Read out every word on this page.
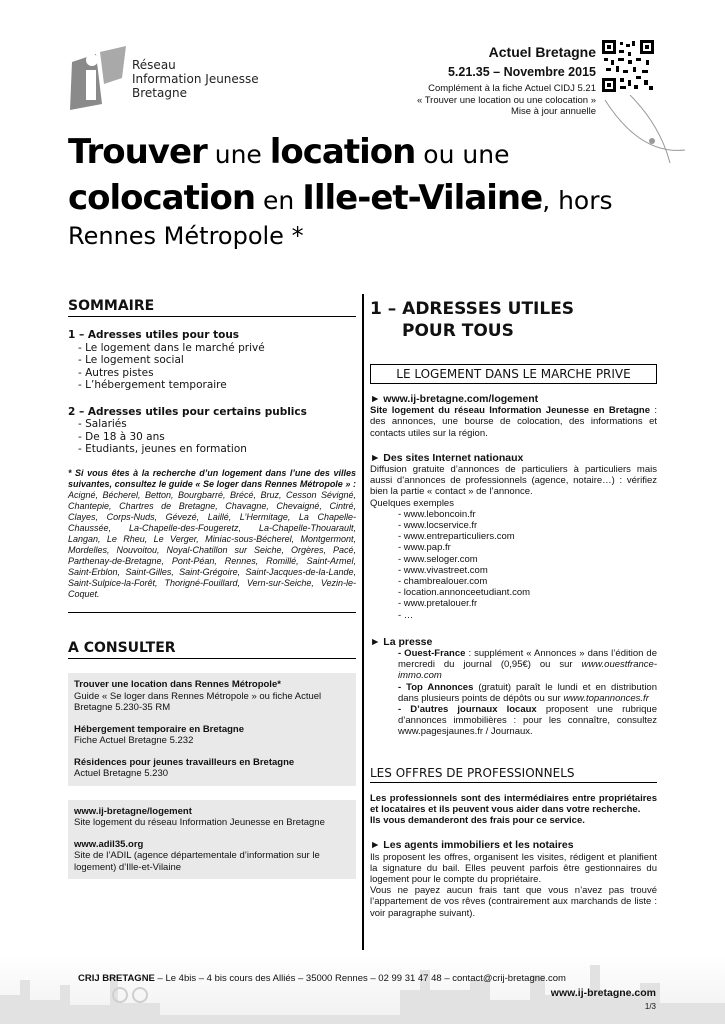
Réseau
Information Jeunesse
Bretagne
Actuel Bretagne
5.21.35 – Novembre 2015
Complément à la fiche Actuel CIDJ 5.21
« Trouver une location ou une colocation »
Mise à jour annuelle
Trouver une location ou une
colocation en Ille-et-Vilaine, hors
Rennes Métropole *
SOMMAIRE
1 – Adresses utiles pour tous
- Le logement dans le marché privé
- Le logement social
- Autres pistes
- L’hébergement temporaire
2 – Adresses utiles pour certains publics
- Salariés
- De 18 à 30 ans
- Etudiants, jeunes en formation
* Si vous êtes à la recherche d’un logement dans l’une des villes suivantes, consultez le guide « Se loger dans Rennes Métropole » : Acigné, Bécherel, Betton, Bourgbarré, Brécé, Bruz, Cesson Sévigné, Chantepie, Chartres de Bretagne, Chavagne, Chevaigné, Cintré, Clayes, Corps-Nuds, Gévezé, Laillé, L’Hermitage, La Chapelle-Chaussée, La-Chapelle-des-Fougeretz, La-Chapelle-Thouarault, Langan, Le Rheu, Le Verger, Miniac-sous-Bécherel, Montgermont, Mordelles, Nouvoitou, Noyal-Chatillon sur Seiche, Orgères, Pacé, Parthenay-de-Bretagne, Pont-Péan, Rennes, Romillé, Saint-Armel, Saint-Erblon, Saint-Gilles, Saint-Grégoire, Saint-Jacques-de-la-Lande, Saint-Sulpice-la-Forêt, Thorigné-Fouillard, Vern-sur-Seiche, Vezin-le-Coquet.
A CONSULTER

Trouver une location dans Rennes Métropole*
Guide « Se loger dans Rennes Métropole » ou fiche Actuel Bretagne 5.230-35 RM

Hébergement temporaire en Bretagne
Fiche Actuel Bretagne 5.232

Résidences pour jeunes travailleurs en Bretagne
Actuel Bretagne 5.230

www.ij-bretagne/logement
Site logement du réseau Information Jeunesse en Bretagne

www.adil35.org
Site de l’ADIL (agence départementale d’information sur le logement) d’Ille-et-Vilaine

1 – ADRESSES UTILES
POUR TOUS
LE LOGEMENT DANS LE MARCHE PRIVE
► www.ij-bretagne.com/logement
Site logement du réseau Information Jeunesse en Bretagne : des annonces, une bourse de colocation, des informations et contacts utiles sur la région.
► Des sites Internet nationaux
Diffusion gratuite d’annonces de particuliers à particuliers mais aussi d’annonces de professionnels (agence, notaire…) : vérifiez bien la partie « contact » de l’annonce.
Quelques exemples
- www.leboncoin.fr
- www.locservice.fr
- www.entreparticuliers.com
- www.pap.fr
- www.seloger.com
- www.vivastreet.com
- chambrealouer.com
- location.annonceetudiant.com
- www.pretalouer.fr
- …
► La presse
- Ouest-France : supplément « Annonces » dans l’édition de mercredi du journal (0,95€) ou sur www.ouestfrance-immo.com
- Top Annonces (gratuit) paraît le lundi et en distribution dans plusieurs points de dépôts ou sur www.topannonces.fr
- D’autres journaux locaux proposent une rubrique d’annonces immobilières : pour les connaître, consultez www.pagesjaunes.fr / Journaux.
LES OFFRES DE PROFESSIONNELS
Les professionnels sont des intermédiaires entre propriétaires et locataires et ils peuvent vous aider dans votre recherche.
Ils vous demanderont des frais pour ce service.
► Les agents immobiliers et les notaires
Ils proposent les offres, organisent les visites, rédigent et planifient la signature du bail. Elles peuvent parfois être gestionnaires du logement pour le compte du propriétaire.
Vous ne payez aucun frais tant que vous n’avez pas trouvé l’appartement de vos rêves (contrairement aux marchands de liste : voir paragraphe suivant).
CRIJ BRETAGNE – Le 4bis – 4 bis cours des Alliés – 35000 Rennes – 02 99 31 47 48 – contact@crij-bretagne.com
www.ij-bretagne.com
1/3
